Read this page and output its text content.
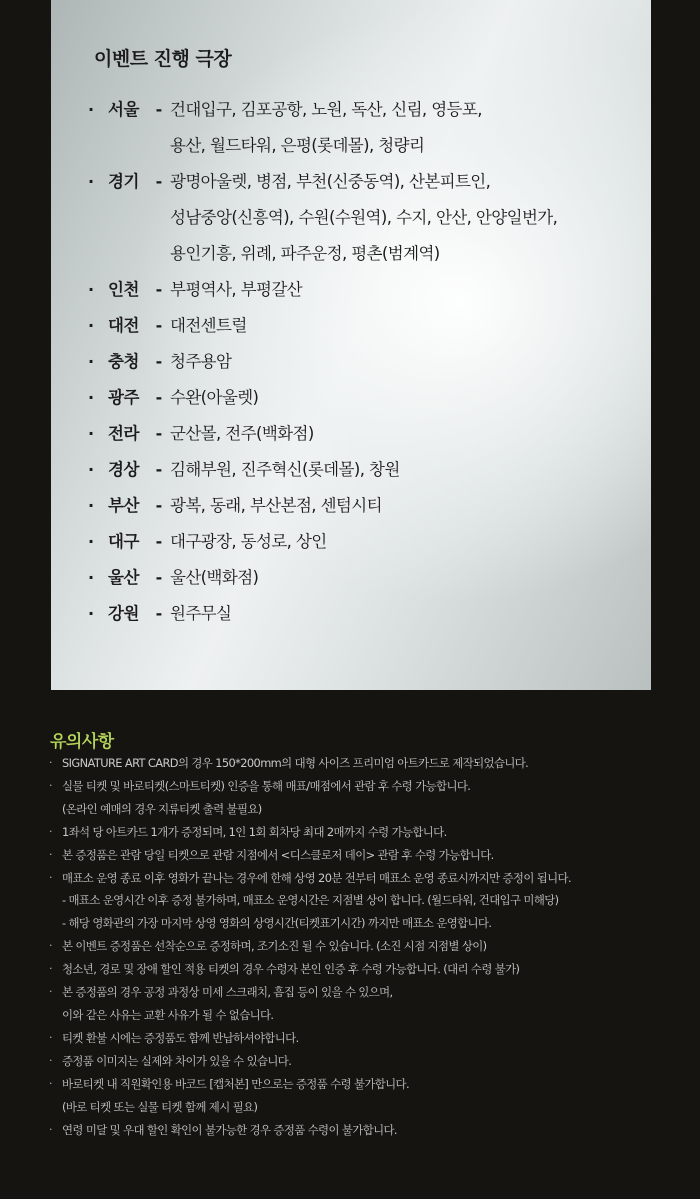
이벤트 진행 극장
· 서울	- 건대입구, 김포공항, 노원, 독산, 신림, 영등포,
용산, 월드타워, 은평(롯데몰), 청량리
· 경기	- 광명아울렛, 병점, 부천(신중동역), 산본피트인,
성남중앙(신흥역), 수원(수원역), 수지, 안산, 안양일번가,
용인기흥, 위례, 파주운정, 평촌(범계역)
· 인천	- 부평역사, 부평갈산
· 대전	- 대전센트럴
· 충청	- 청주용암
· 광주	- 수완(아울렛)
· 전라	- 군산몰, 전주(백화점)
· 경상	- 김해부원, 진주혁신(롯데몰), 창원
· 부산	- 광복, 동래, 부산본점, 센텀시티
· 대구	- 대구광장, 동성로, 상인
· 울산	- 울산(백화점)
· 강원	- 원주무실
유의사항
· SIGNATURE ART CARD의 경우 150*200mm의 대형 사이즈 프리미엄 아트카드로 제작되었습니다.
· 실물 티켓 및 바로티켓(스마트티켓) 인증을 통해 매표/매점에서 관람 후 수령 가능합니다.
(온라인 예매의 경우 지류티켓 출력 불필요)
· 1좌석 당 아트카드 1개가 증정되며, 1인 1회 회차당 최대 2매까지 수령 가능합니다.
· 본 증정품은 관람 당일 티켓으로 관람 지점에서 <디스클로저 데이> 관람 후 수령 가능합니다.
· 매표소 운영 종료 이후 영화가 끝나는 경우에 한해 상영 20분 전부터 매표소 운영 종료시까지만 증정이 됩니다.
- 매표소 운영시간 이후 증정 불가하며, 매표소 운영시간은 지점별 상이 합니다. (월드타워, 건대입구 미해당)
- 해당 영화관의 가장 마지막 상영 영화의 상영시간(티켓표기시간) 까지만 매표소 운영합니다.
· 본 이벤트 증정품은 선착순으로 증정하며, 조기소진 될 수 있습니다. (소진 시점 지점별 상이)
· 청소년, 경로 및 장애 할인 적용 티켓의 경우 수령자 본인 인증 후 수령 가능합니다. (대리 수령 불가)
· 본 증정품의 경우 공정 과정상 미세 스크래치, 흠집 등이 있을 수 있으며,
이와 같은 사유는 교환 사유가 될 수 없습니다.
· 티켓 환불 시에는 증정품도 함께 반납하셔야합니다.
· 증정품 이미지는 실제와 차이가 있을 수 있습니다.
· 바로티켓 내 직원확인용 바코드 [캡처본] 만으로는 증정품 수령 불가합니다.
(바로 티켓 또는 실물 티켓 함께 제시 필요)
· 연령 미달 및 우대 할인 확인이 불가능한 경우 증정품 수령이 불가합니다.
